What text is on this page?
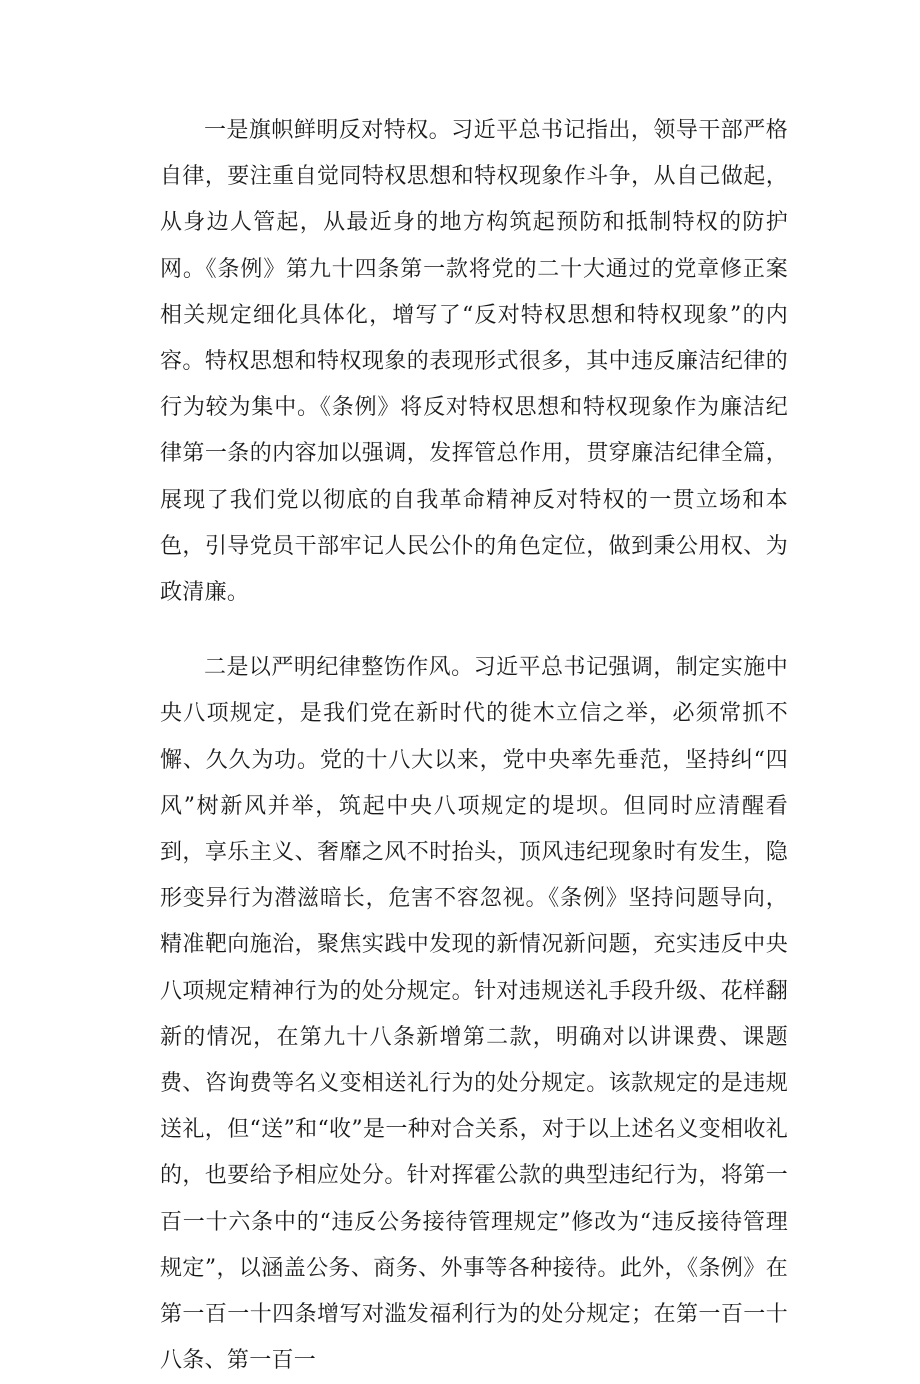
一是旗帜鲜明反对特权。习近平总书记指出，领导干部严格自律，要注重自觉同特权思想和特权现象作斗争，从自己做起，从身边人管起，从最近身的地方构筑起预防和抵制特权的防护网。《条例》第九十四条第一款将党的二十大通过的党章修正案相关规定细化具体化，增写了“反对特权思想和特权现象”的内容。特权思想和特权现象的表现形式很多，其中违反廉洁纪律的行为较为集中。《条例》将反对特权思想和特权现象作为廉洁纪律第一条的内容加以强调，发挥管总作用，贯穿廉洁纪律全篇，展现了我们党以彻底的自我革命精神反对特权的一贯立场和本色，引导党员干部牢记人民公仆的角色定位，做到秉公用权、为政清廉。

二是以严明纪律整饬作风。习近平总书记强调，制定实施中央八项规定，是我们党在新时代的徙木立信之举，必须常抓不懈、久久为功。党的十八大以来，党中央率先垂范，坚持纠“四风”树新风并举，筑起中央八项规定的堤坝。但同时应清醒看到，享乐主义、奢靡之风不时抬头，顶风违纪现象时有发生，隐形变异行为潜滋暗长，危害不容忽视。《条例》坚持问题导向，精准靶向施治，聚焦实践中发现的新情况新问题，充实违反中央八项规定精神行为的处分规定。针对违规送礼手段升级、花样翻新的情况，在第九十八条新增第二款，明确对以讲课费、课题费、咨询费等名义变相送礼行为的处分规定。该款规定的是违规送礼，但“送”和“收”是一种对合关系，对于以上述名义变相收礼的，也要给予相应处分。针对挥霍公款的典型违纪行为，将第一百一十六条中的“违反公务接待管理规定”修改为“违反接待管理规定”，以涵盖公务、商务、外事等各种接待。此外，《条例》在第一百一十四条增写对滥发福利行为的处分规定；在第一百一十八条、第一百一
